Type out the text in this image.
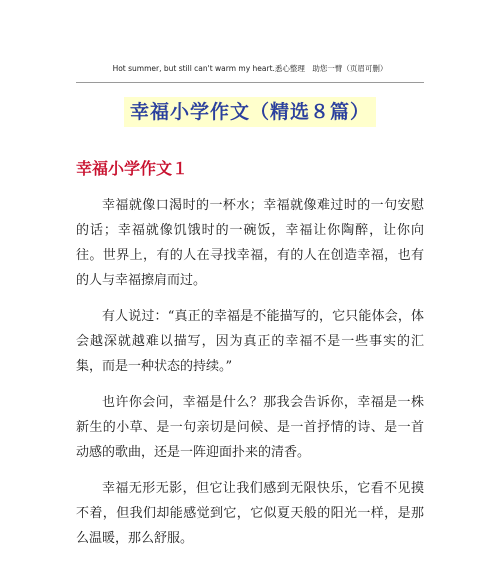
Hot summer, but still can't warm my heart.悉心整理　助您一臂（页眉可删）
幸福小学作文（精选８篇）
幸福小学作文１

幸福就像口渴时的一杯水；幸福就像难过时的一句安慰的话；幸福就像饥饿时的一碗饭，幸福让你陶醉，让你向往。世界上，有的人在寻找幸福，有的人在创造幸福，也有的人与幸福擦肩而过。

有人说过：“真正的幸福是不能描写的，它只能体会，体会越深就越难以描写，因为真正的幸福不是一些事实的汇集，而是一种状态的持续。”

也许你会问，幸福是什么？那我会告诉你，幸福是一株新生的小草、是一句亲切是问候、是一首抒情的诗、是一首动感的歌曲，还是一阵迎面扑来的清香。

幸福无形无影，但它让我们感到无限快乐，它看不见摸不着，但我们却能感觉到它，它似夏天般的阳光一样，是那么温暖，那么舒服。
